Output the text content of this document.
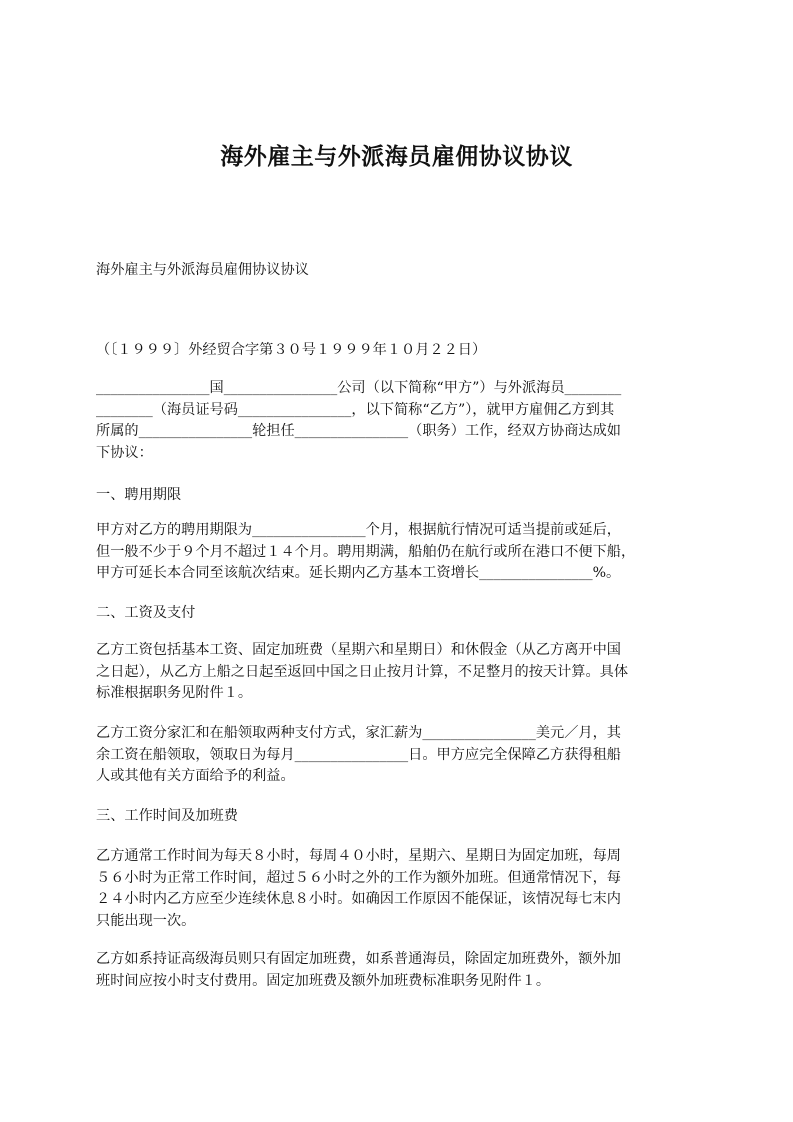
海外雇主与外派海员雇佣协议协议

海外雇主与外派海员雇佣协议协议

（〔１９９９〕外经贸合字第３０号１９９９年１０月２２日）

________________国________________公司（以下简称“甲方”）与外派海员________
________（海员证号码________________，以下简称“乙方”），就甲方雇佣乙方到其
所属的________________轮担任________________（职务）工作，经双方协商达成如
下协议：

一、聘用期限

甲方对乙方的聘用期限为________________个月，根据航行情况可适当提前或延后，
但一般不少于９个月不超过１４个月。聘用期满，船舶仍在航行或所在港口不便下船，
甲方可延长本合同至该航次结束。延长期内乙方基本工资增长________________%。

二、工资及支付

乙方工资包括基本工资、固定加班费（星期六和星期日）和休假金（从乙方离开中国
之日起），从乙方上船之日起至返回中国之日止按月计算，不足整月的按天计算。具体
标准根据职务见附件１。

乙方工资分家汇和在船领取两种支付方式，家汇薪为________________美元／月，其
余工资在船领取，领取日为每月________________日。甲方应完全保障乙方获得租船
人或其他有关方面给予的利益。

三、工作时间及加班费

乙方通常工作时间为每天８小时，每周４０小时，星期六、星期日为固定加班，每周
５６小时为正常工作时间，超过５６小时之外的工作为额外加班。但通常情况下，每
２４小时内乙方应至少连续休息８小时。如确因工作原因不能保证，该情况每七末内
只能出现一次。

乙方如系持证高级海员则只有固定加班费，如系普通海员，除固定加班费外，额外加
班时间应按小时支付费用。固定加班费及额外加班费标准职务见附件１。
